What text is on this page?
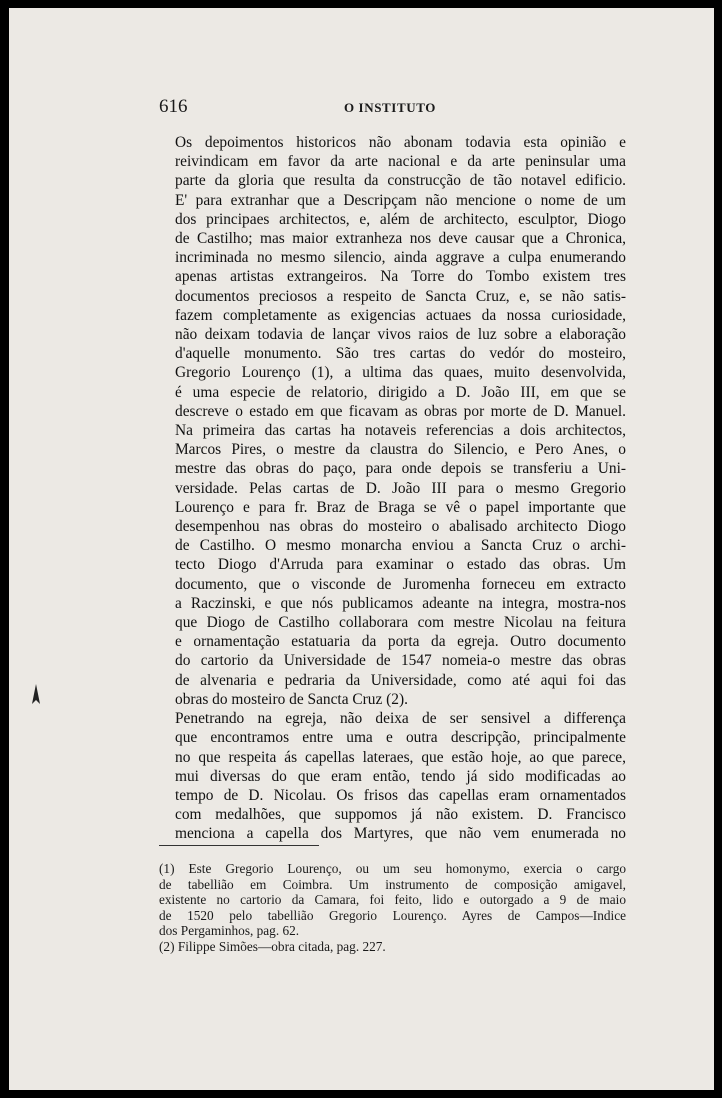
616	O INSTITUTO

Os depoimentos historicos não abonam todavia esta opinião e
reivindicam em favor da arte nacional e da arte peninsular uma
parte da gloria que resulta da construcção de tão notavel edificio.
E' para extranhar que a Descripçam não mencione o nome de um
dos principaes architectos, e, além de architecto, esculptor, Diogo
de Castilho; mas maior extranheza nos deve causar que a Chronica,
incriminada no mesmo silencio, ainda aggrave a culpa enumerando
apenas artistas extrangeiros. Na Torre do Tombo existem tres
documentos preciosos a respeito de Sancta Cruz, e, se não satis-
fazem completamente as exigencias actuaes da nossa curiosidade,
não deixam todavia de lançar vivos raios de luz sobre a elaboração
d'aquelle monumento. São tres cartas do vedór do mosteiro,
Gregorio Lourenço (1), a ultima das quaes, muito desenvolvida,
é uma especie de relatorio, dirigido a D. João III, em que se
descreve o estado em que ficavam as obras por morte de D. Manuel.
Na primeira das cartas ha notaveis referencias a dois architectos,
Marcos Pires, o mestre da claustra do Silencio, e Pero Anes, o
mestre das obras do paço, para onde depois se transferiu a Uni-
versidade. Pelas cartas de D. João III para o mesmo Gregorio
Lourenço e para fr. Braz de Braga se vê o papel importante que
desempenhou nas obras do mosteiro o abalisado architecto Diogo
de Castilho. O mesmo monarcha enviou a Sancta Cruz o archi-
tecto Diogo d'Arruda para examinar o estado das obras. Um
documento, que o visconde de Juromenha forneceu em extracto
a Raczinski, e que nós publicamos adeante na integra, mostra-nos
que Diogo de Castilho collaborara com mestre Nicolau na feitura
e ornamentação estatuaria da porta da egreja. Outro documento
do cartorio da Universidade de 1547 nomeia-o mestre das obras
de alvenaria e pedraria da Universidade, como até aqui foi das
obras do mosteiro de Sancta Cruz (2).

Penetrando na egreja, não deixa de ser sensivel a differença
que encontramos entre uma e outra descripção, principalmente
no que respeita ás capellas lateraes, que estão hoje, ao que parece,
mui diversas do que eram então, tendo já sido modificadas ao
tempo de D. Nicolau. Os frisos das capellas eram ornamentados
com medalhões, que suppomos já não existem. D. Francisco
menciona a capella dos Martyres, que não vem enumerada no

(1) Este Gregorio Lourenço, ou um seu homonymo, exercia o cargo
de tabellião em Coimbra. Um instrumento de composição amigavel,
existente no cartorio da Camara, foi feito, lido e outorgado a 9 de maio
de 1520 pelo tabellião Gregorio Lourenço. Ayres de Campos—Indice
dos Pergaminhos, pag. 62.
(2) Filippe Simões—obra citada, pag. 227.
